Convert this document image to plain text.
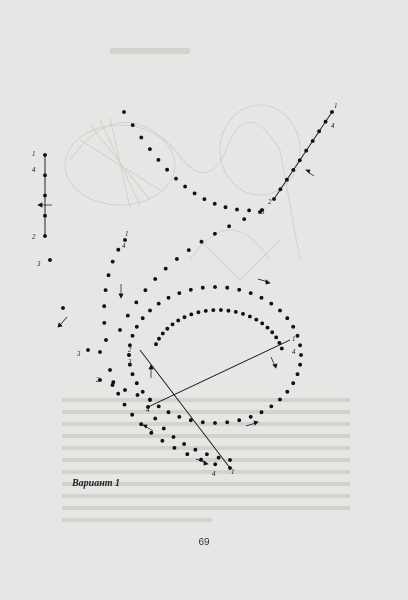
1
4
2
3
1
4
1
4
2
3
2
3
1
4
1
4
3
2
4
Вариант 1
69
